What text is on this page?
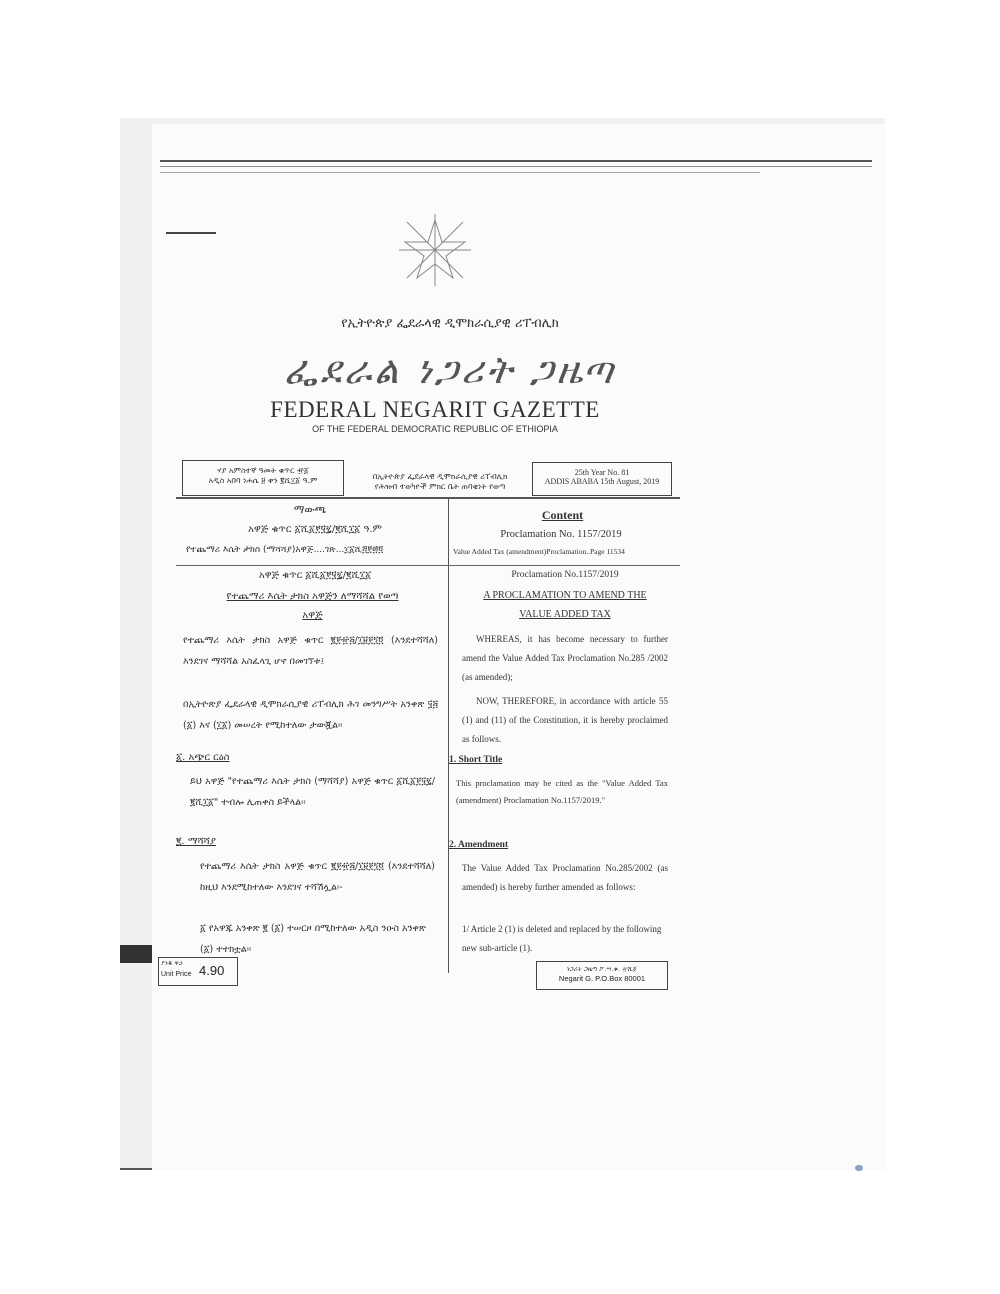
የኢትዮጵያ ፌደራላዊ ዲሞክራሲያዊ ሪፐብሊክ
ፌደራል ነጋሪት ጋዜጣ
FEDERAL NEGARIT GAZETTE
OF THE FEDERAL DEMOCRATIC REPUBLIC OF ETHIOPIA
ሃያ አምስተኛ ዓመት ቁጥር ፹፩
አዲስ አበባ ነሐሴ ፱ ቀን ፪ሺ፲፩ ዓ.ም	በኢትዮጵያ ፌደራላዊ ዲሞክራሲያዊ ሪፐብሊክ
የሕዝብ ተወካዮች ምክር ቤት ጠባቂነት የወጣ
25th Year No. 81
ADDIS ABABA 15th August, 2019
ማውጫ
አዋጅ ቁጥር ፩ሺ፩፻፶፯/፪ሺ፲፩ ዓ.ም
የተጨማሪ እሴት ታክስ (ማሻሻያ)አዋጅ....ገጽ...፲፩ሺ፭፻፴፬
Content
Proclamation No. 1157/2019
Value Added Tax (amendment)Proclamation..Page 11534
አዋጅ ቁጥር ፩ሺ፩፻፶፯/፪ሺ፲፩
የተጨማሪ እሴት ታክስ አዋጅን ለማሻሻል የወጣ
አዋጅ
የተጨማሪ እሴት ታክስ አዋጅ ቁጥር ፪፻፹፭/፲፱፻፺፬ (እንደተሻሻለ) እንደገና ማሻሻል አስፈላጊ ሆኖ በመገኘቱ፤
በኢትዮጵያ ፌደራላዊ ዲሞክራሲያዊ ሪፐብሊክ ሕገ መንግሥት አንቀጽ ፶፭ (፩) እና (፲፩) መሠረት የሚከተለው ታውጇል፡፡
፩. አጭር ርዕስ
ይህ አዋጅ "የተጨማሪ እሴት ታክስ (ማሻሻያ) አዋጅ ቁጥር ፩ሺ፩፻፶፯/፪ሺ፲፩" ተብሎ ሊጠቀስ ይችላል፡፡
፪. ማሻሻያ
የተጨማሪ እሴት ታክስ አዋጅ ቁጥር ፪፻፹፭/፲፱፻፺፬ (እንደተሻሻለ) ከዚህ እንደሚከተለው እንደገና ተሻሽሏል፡-
፩ የአዋጁ አንቀጽ ፪ (፩) ተሠርዞ በሚከተለው አዲስ ንዑስ አንቀጽ (፩) ተተክቷል፡፡
Proclamation No.1157/2019
A PROCLAMATION TO AMEND THE
VALUE ADDED TAX
WHEREAS, it has become necessary to further amend the Value Added Tax Proclamation No.285 /2002 (as amended);
NOW, THEREFORE, in accordance with article 55 (1) and (11) of the Constitution, it is hereby proclaimed as follows.
1. Short Title
This proclamation may be cited as the "Value Added Tax (amendment) Proclamation No.1157/2019."
2. Amendment
The Value Added Tax Proclamation No.285/2002 (as amended) is hereby further amended as follows:
1/ Article 2 (1) is deleted and replaced by the following new sub-article (1).
ያንዱ ዋጋ
Unit Price 4.90	ነጋሪት ጋዜጣ ፖ.ሣ.ቁ. ፹ሺ፩
Negarit G. P.O.Box 80001
